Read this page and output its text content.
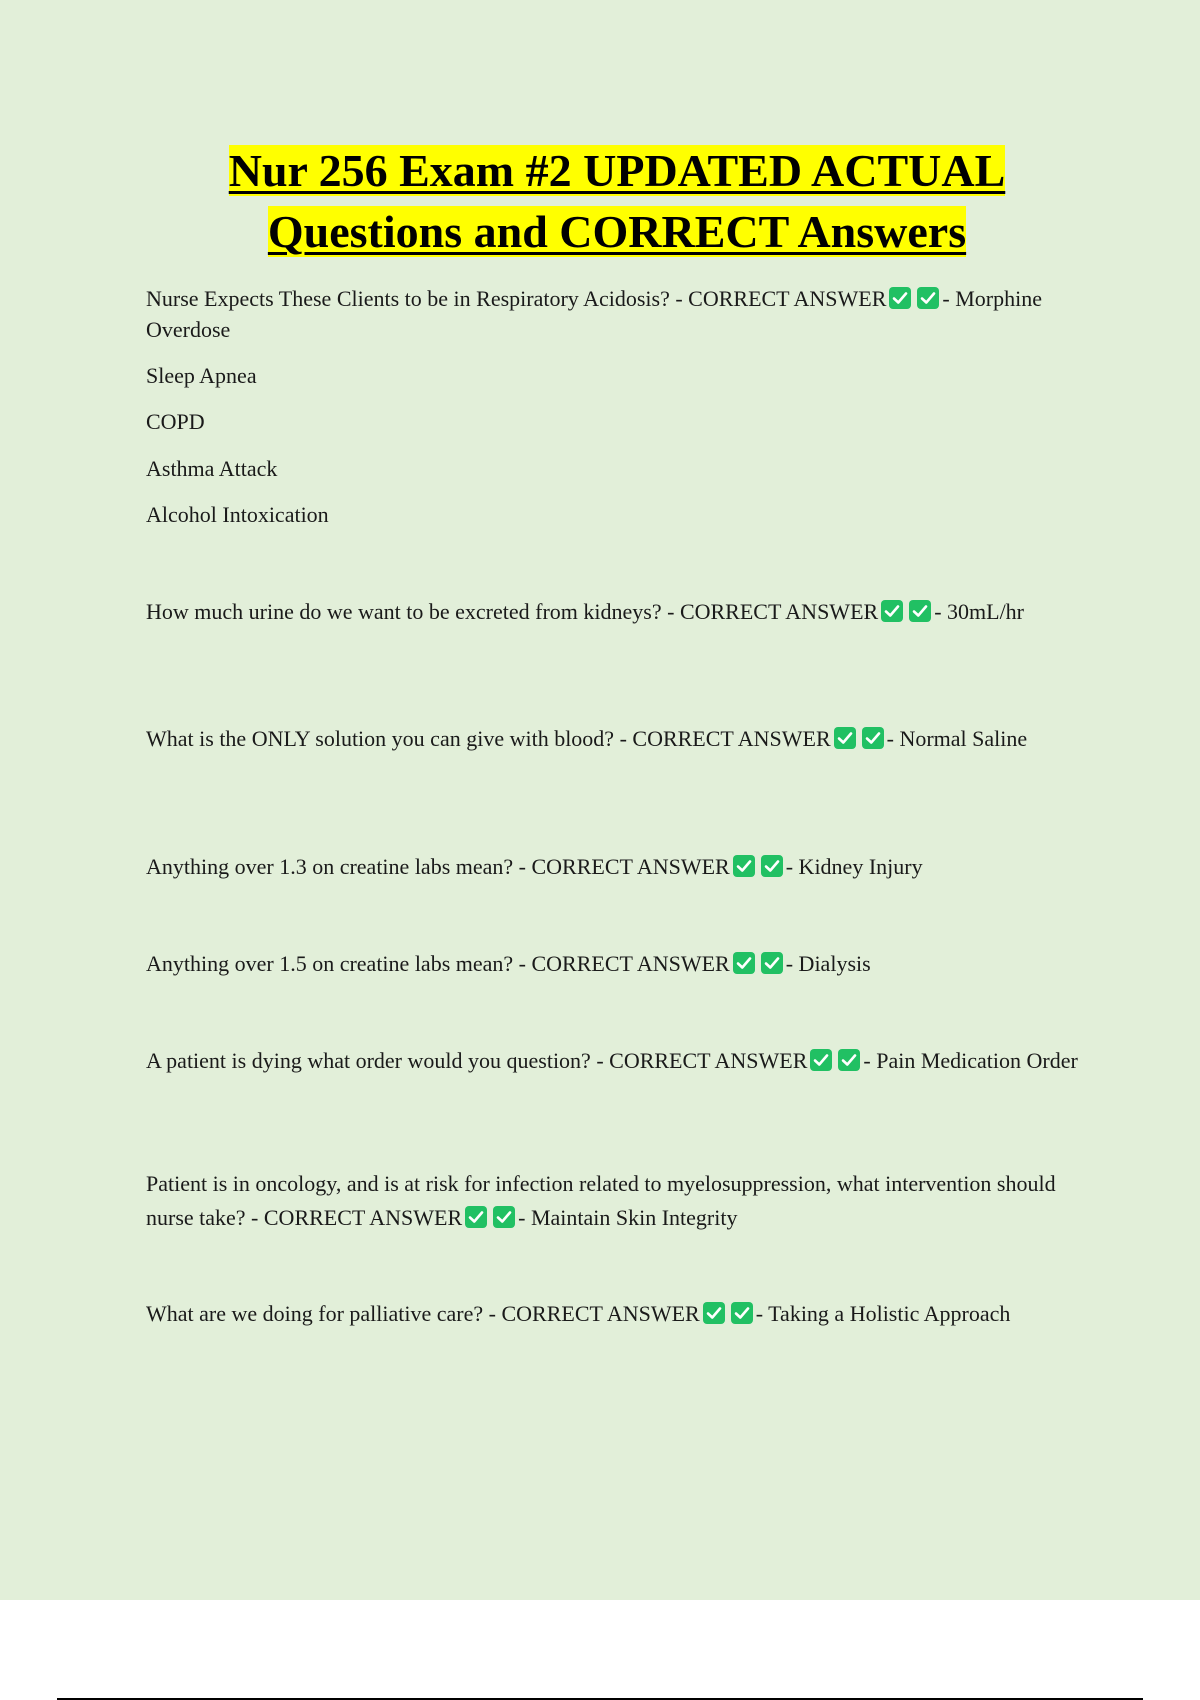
Nur 256 Exam #2 UPDATED ACTUAL
Questions and CORRECT Answers

Nurse Expects These Clients to be in Respiratory Acidosis? - CORRECT ANSWER	- Morphine Overdose

Sleep Apnea

COPD

Asthma Attack

Alcohol Intoxication

How much urine do we want to be excreted from kidneys? - CORRECT ANSWER	- 30mL/hr

What is the ONLY solution you can give with blood? - CORRECT ANSWER	- Normal Saline

Anything over 1.3 on creatine labs mean? - CORRECT ANSWER	- Kidney Injury

Anything over 1.5 on creatine labs mean? - CORRECT ANSWER	- Dialysis

A patient is dying what order would you question? - CORRECT ANSWER	- Pain Medication Order

Patient is in oncology, and is at risk for infection related to myelosuppression, what intervention should nurse take? - CORRECT ANSWER	- Maintain Skin Integrity

What are we doing for palliative care? - CORRECT ANSWER	- Taking a Holistic Approach
